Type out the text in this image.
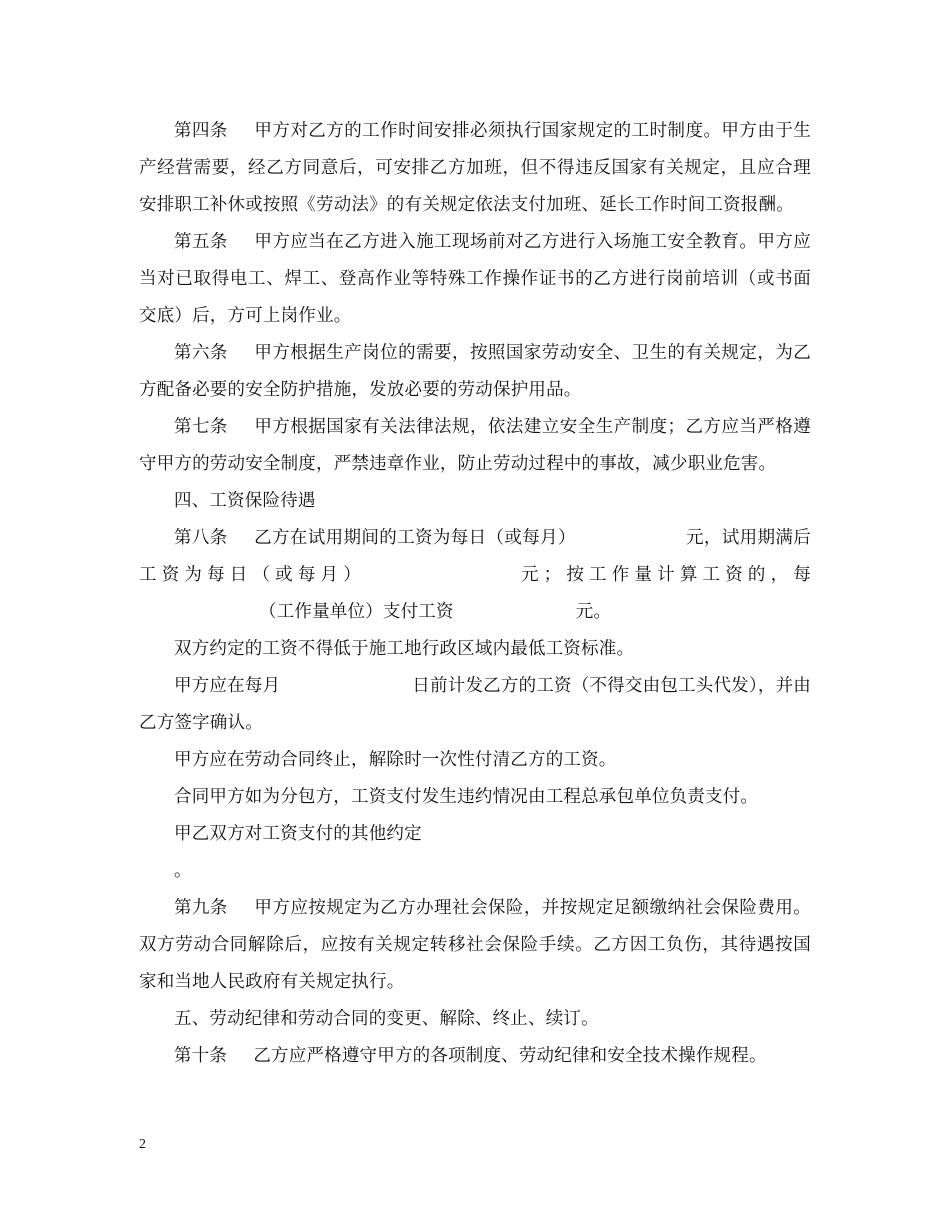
第四条 甲方对乙方的工作时间安排必须执行国家规定的工时制度。甲方由于生产经营需要，经乙方同意后，可安排乙方加班，但不得违反国家有关规定，且应合理安排职工补休或按照《劳动法》的有关规定依法支付加班、延长工作时间工资报酬。

第五条 甲方应当在乙方进入施工现场前对乙方进行入场施工安全教育。甲方应当对已取得电工、焊工、登高作业等特殊工作操作证书的乙方进行岗前培训（或书面交底）后，方可上岗作业。

第六条 甲方根据生产岗位的需要，按照国家劳动安全、卫生的有关规定，为乙方配备必要的安全防护措施，发放必要的劳动保护用品。

第七条 甲方根据国家有关法律法规，依法建立安全生产制度；乙方应当严格遵守甲方的劳动安全制度，严禁违章作业，防止劳动过程中的事故，减少职业危害。

四、工资保险待遇

第八条 乙方在试用期间的工资为每日（或每月）	元，试用期满后工资为每日（或每月）	元；按工作量计算工资的，每（工作量单位）支付工资	元。

双方约定的工资不得低于施工地行政区域内最低工资标准。

甲方应在每月	日前计发乙方的工资（不得交由包工头代发），并由乙方签字确认。

甲方应在劳动合同终止，解除时一次性付清乙方的工资。

合同甲方如为分包方，工资支付发生违约情况由工程总承包单位负责支付。

甲乙双方对工资支付的其他约定

。

第九条 甲方应按规定为乙方办理社会保险，并按规定足额缴纳社会保险费用。双方劳动合同解除后，应按有关规定转移社会保险手续。乙方因工负伤，其待遇按国家和当地人民政府有关规定执行。

五、劳动纪律和劳动合同的变更、解除、终止、续订。

第十条 乙方应严格遵守甲方的各项制度、劳动纪律和安全技术操作规程。

2
